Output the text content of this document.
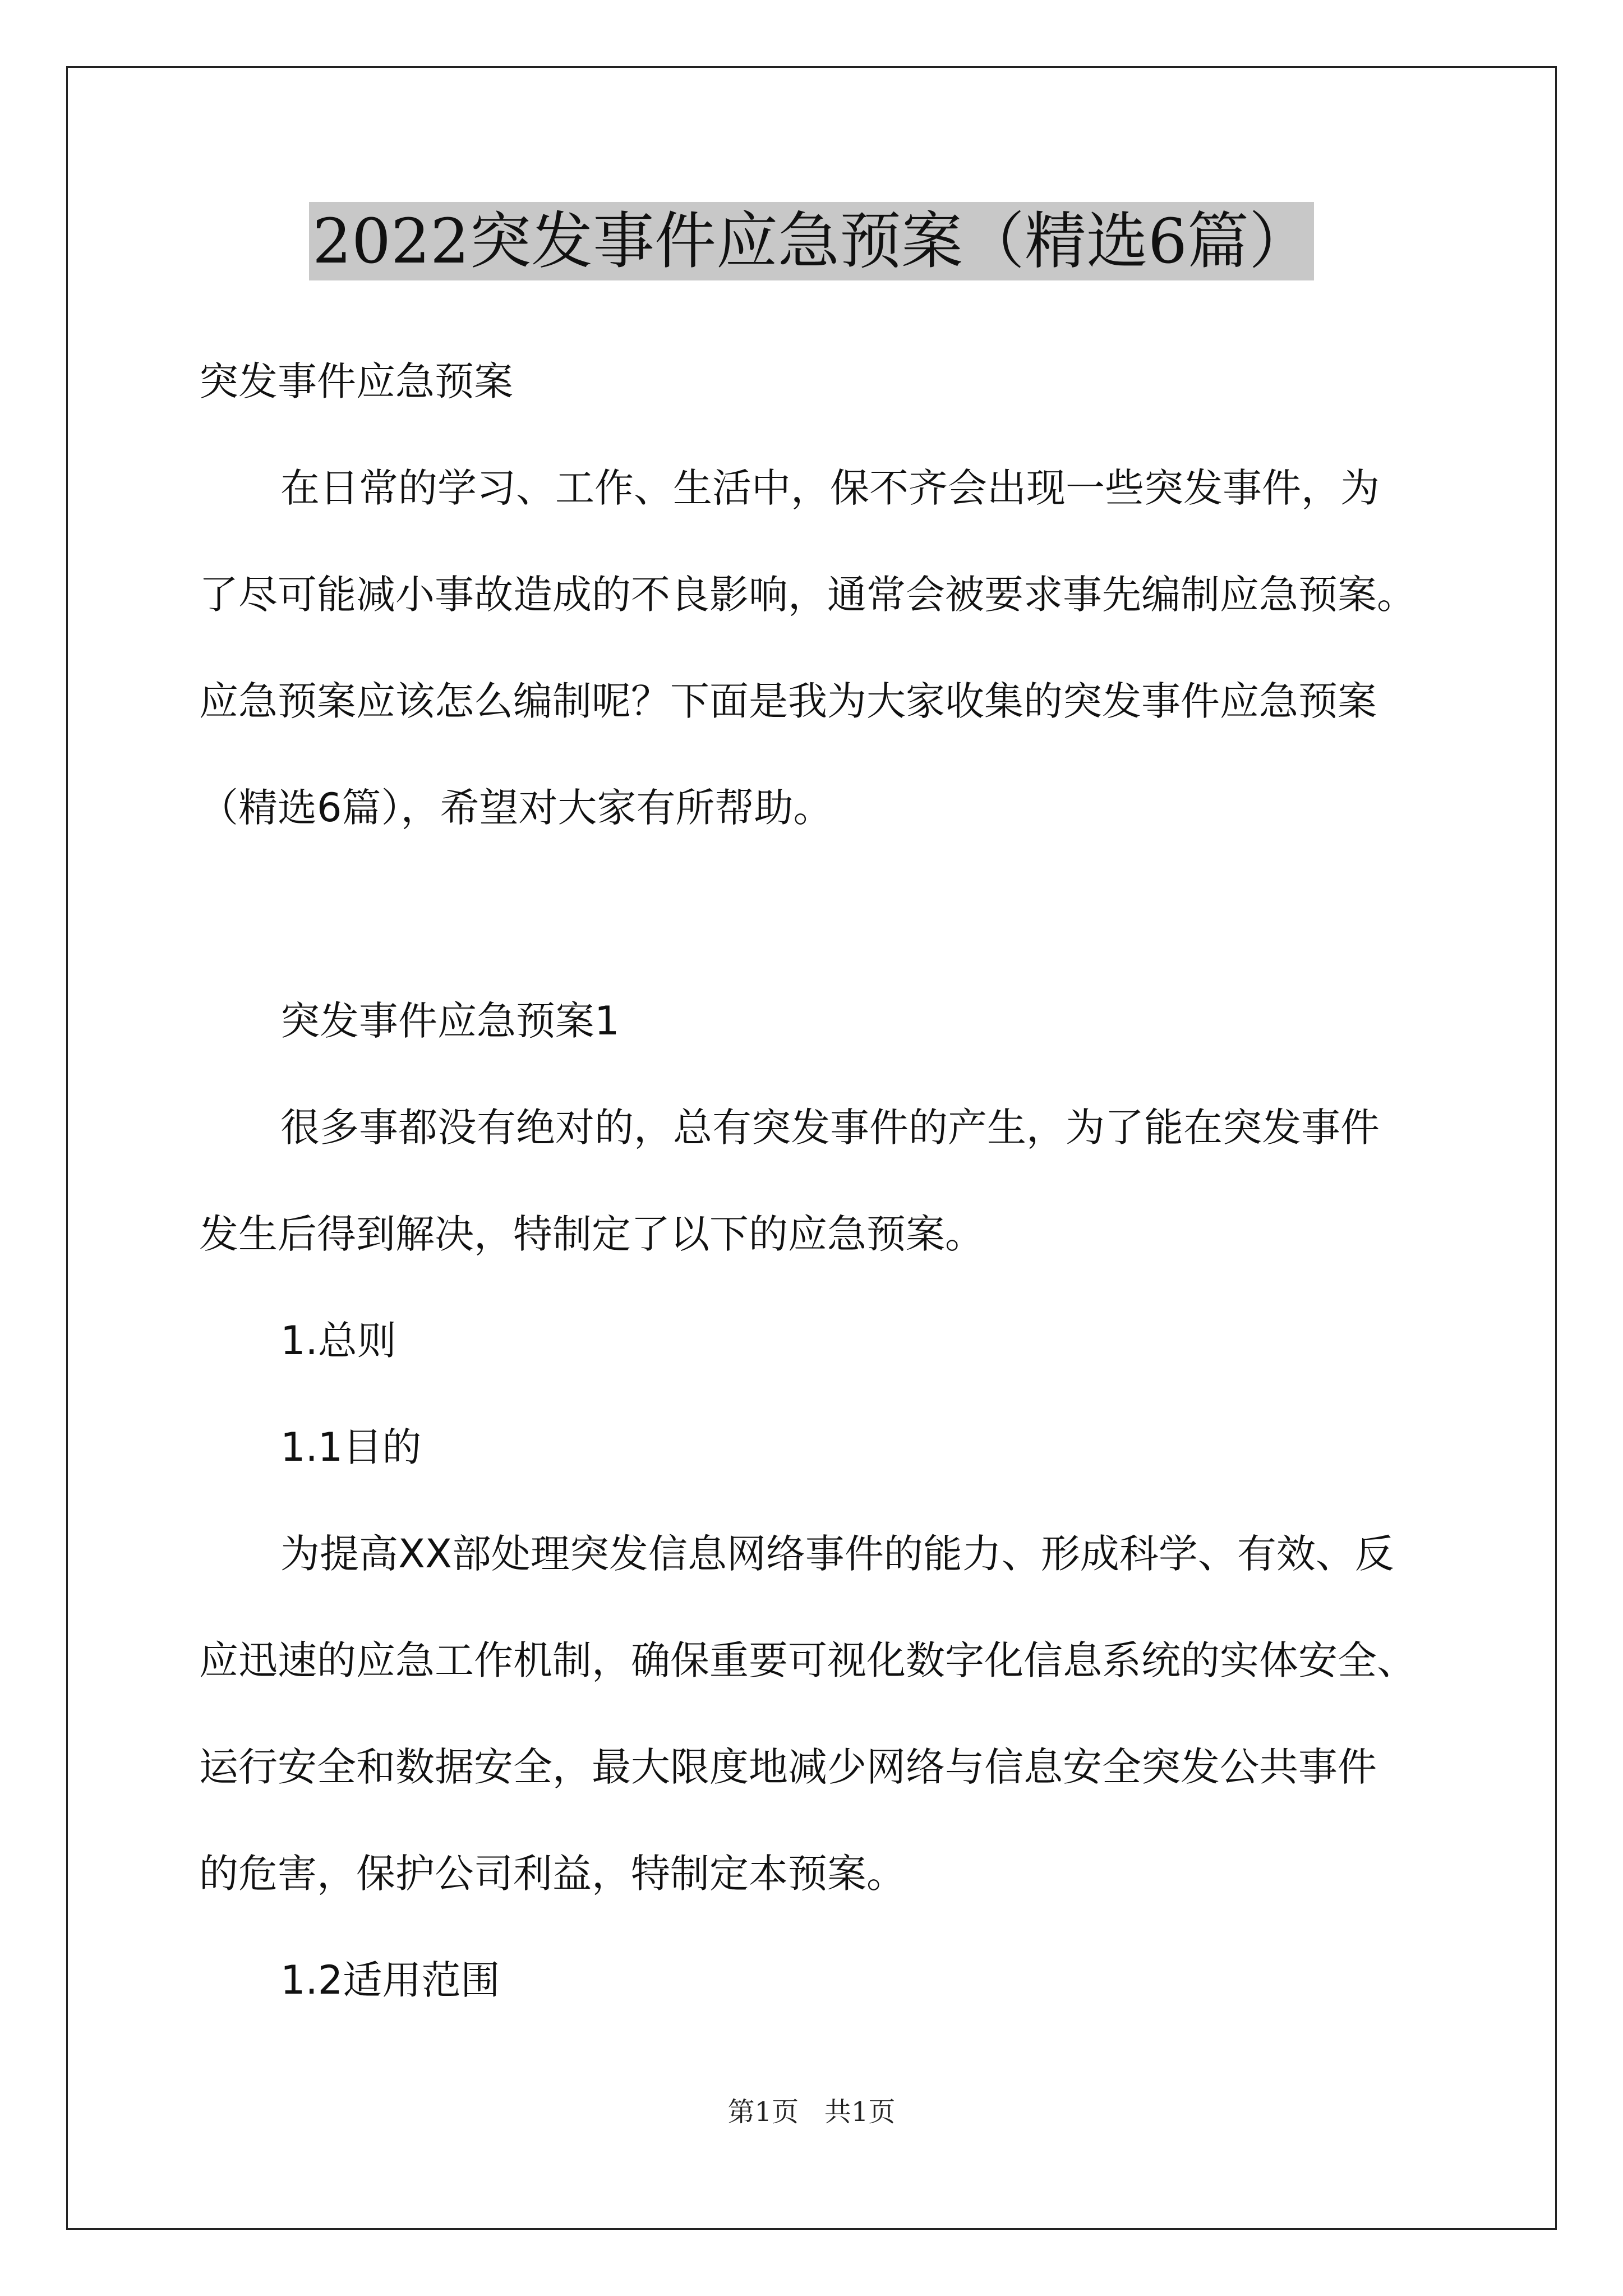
2022突发事件应急预案（精选6篇）

突发事件应急预案

在日常的学习、工作、生活中，保不齐会出现一些突发事件，为

了尽可能减小事故造成的不良影响，通常会被要求事先编制应急预案。

应急预案应该怎么编制呢？下面是我为大家收集的突发事件应急预案

（精选6篇），希望对大家有所帮助。

突发事件应急预案1

很多事都没有绝对的，总有突发事件的产生，为了能在突发事件

发生后得到解决，特制定了以下的应急预案。

1.总则

1.1目的

为提高XX部处理突发信息网络事件的能力、形成科学、有效、反

应迅速的应急工作机制，确保重要可视化数字化信息系统的实体安全、

运行安全和数据安全，最大限度地减少网络与信息安全突发公共事件

的危害，保护公司利益，特制定本预案。

1.2适用范围

第1页   共1页
